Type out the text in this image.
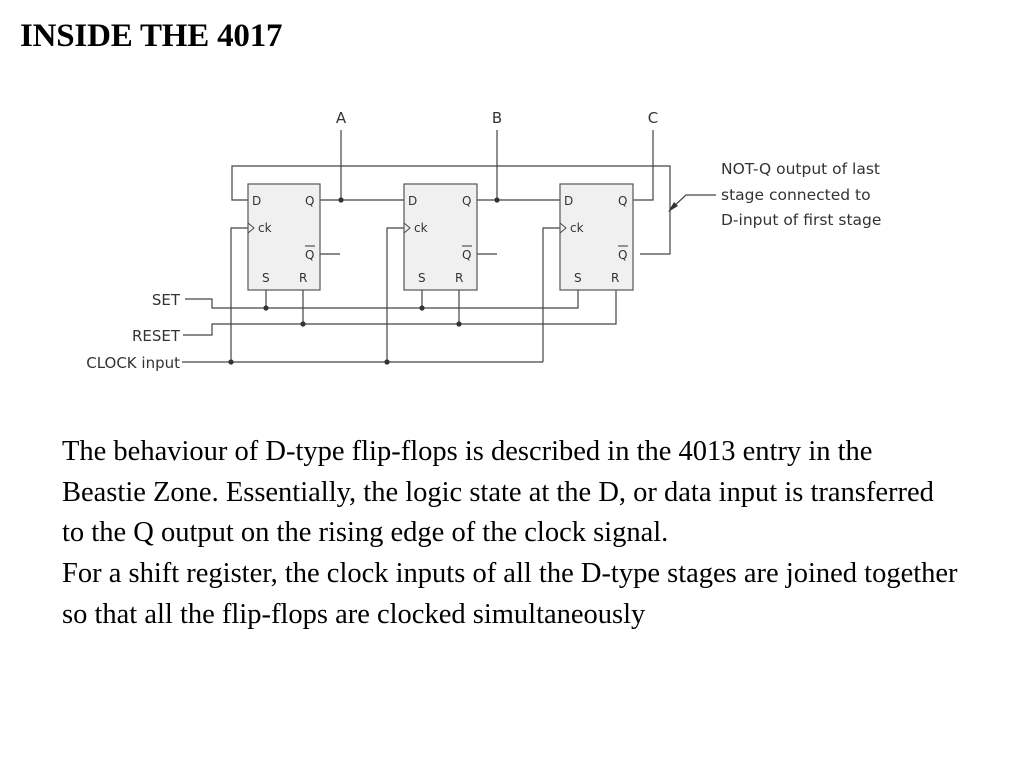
INSIDE THE 4017
A	B	C
D	Q
ck
Q
S R
D	Q
ck
Q
S R
D	Q
ck
Q
S R
SET
RESET
CLOCK input
NOT-Q output of last
stage connected to
D-input of first stage

The behaviour of D-type flip-flops is described in the 4013 entry in the Beastie Zone. Essentially, the logic state at the D, or data input is transferred to the Q output on the rising edge of the clock signal.

For a shift register, the clock inputs of all the D-type stages are joined together so that all the flip-flops are clocked simultaneously
